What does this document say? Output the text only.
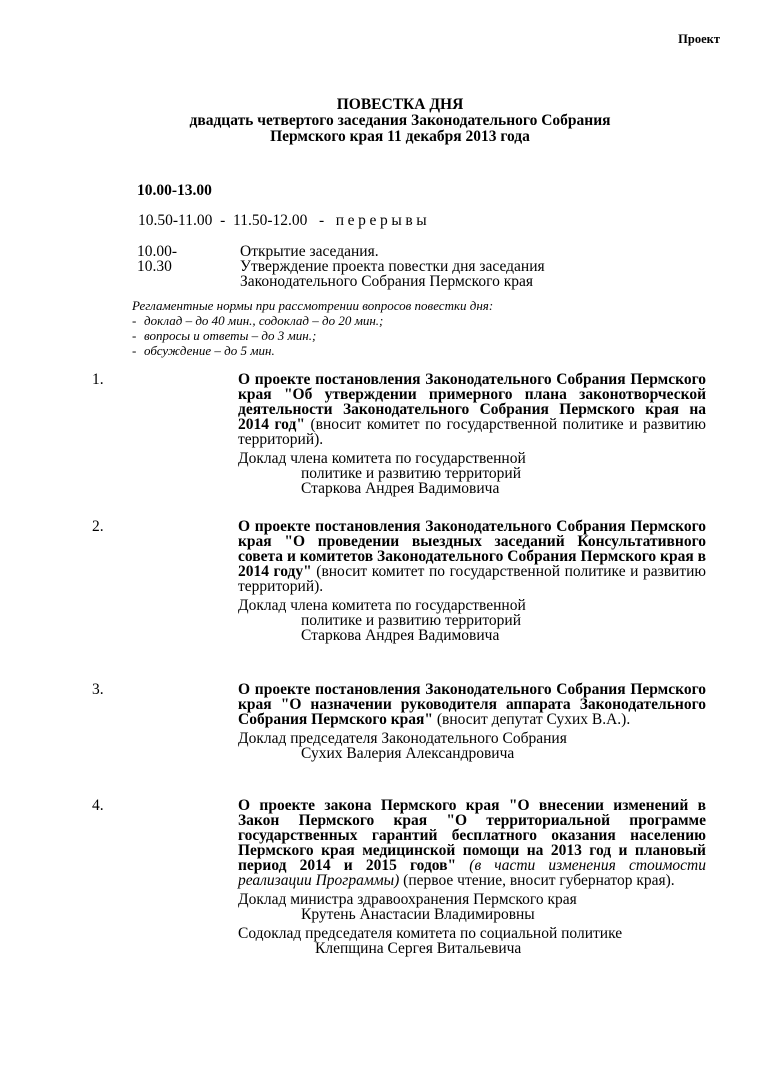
Проект
ПОВЕСТКА ДНЯ
двадцать четвертого заседания Законодательного Собрания
Пермского края 11 декабря 2013 года
10.00-13.00
10.50-11.00  -  11.50-12.00   -   перерывы
10.00-10.30
Открытие заседания.
Утверждение проекта повестки дня заседания
Законодательного Собрания Пермского края
Регламентные нормы при рассмотрении вопросов повестки дня:
- доклад – до 40 мин., содоклад – до 20 мин.;
- вопросы и ответы – до 3 мин.;
- обсуждение – до 5 мин.
1.	О проекте постановления Законодательного Собрания Пермского края "Об утверждении примерного плана законотворческой деятельности Законодательного Собрания Пермского края на 2014 год" (вносит комитет по государственной политике и развитию территорий).

Доклад члена комитета по государственной
политике и развитию территорий
Старкова Андрея Вадимовича
2.	О проекте постановления Законодательного Собрания Пермского края "О проведении выездных заседаний Консультативного совета и комитетов Законодательного Собрания Пермского края в 2014 году" (вносит комитет по государственной политике и развитию территорий).

Доклад члена комитета по государственной
политике и развитию территорий
Старкова Андрея Вадимовича
3.	О проекте постановления Законодательного Собрания Пермского края "О назначении руководителя аппарата Законодательного Собрания Пермского края" (вносит депутат Сухих В.А.).

Доклад председателя Законодательного Собрания
Сухих Валерия Александровича
4.	О проекте закона Пермского края "О внесении изменений в Закон Пермского края "О территориальной программе государственных гарантий бесплатного оказания населению Пермского края медицинской помощи на 2013 год и плановый период 2014 и 2015 годов" (в части изменения стоимости реализации Программы) (первое чтение, вносит губернатор края).

Доклад министра здравоохранения Пермского края
Крутень Анастасии Владимировны
Содоклад председателя комитета по социальной политике
Клепщина Сергея Витальевича
